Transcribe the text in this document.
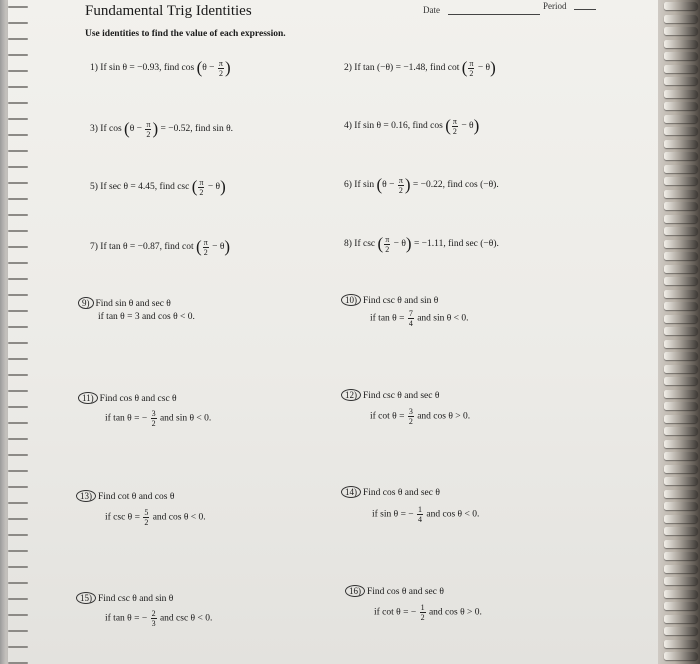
Fundamental Trig Identities	Date	Period
Use identities to find the value of each expression.
1) If sin θ = −0.93, find $\cos (\theta - \frac{\pi}{2}$ )	2) If tan (−θ) = −1.48, find cot ( $\frac{\pi}{2} - \theta$)
3) If $\cos (\theta - \frac{\pi}{2}$ ) = −0.52, find sin θ.	4) If sin θ = 0.16, find cos ( $\frac{\pi}{2} - \theta$)
5) If sec θ = 4.45, find csc ( $\frac{\pi}{2} - \theta$)	6) If $\sin (\theta - \frac{\pi}{2}$ ) = −0.22, find cos (−θ).
7) If tan θ = −0.87, find cot ( $\frac{\pi}{2} - \theta$)	8) If csc ( $\frac{\pi}{2} - \theta) = -1.11$, find sec (−θ).
9) Find sin θ and sec θ
if tan θ = 3 and cos θ < 0.
10) Find csc θ and sin θ
if $\tan \theta = \frac{7}{4}$ and sin θ < 0.
11) Find cos θ and csc θ
if tan θ = − $\frac{3}{2}$ and sin θ < 0.
12) Find csc θ and sec θ
if $\cot \theta = \frac{3}{2}$ and cos θ > 0.
13) Find cot θ and cos θ
if $\csc \theta = \frac{5}{2}$ and cos θ < 0.
14) Find cos θ and sec θ
if sin θ = − $\frac{1}{4}$ and cos θ < 0.
15) Find csc θ and sin θ
if tan θ = − $\frac{2}{3}$ and csc θ < 0.
16) Find cos θ and sec θ
if cot θ = − $\frac{1}{2}$ and cos θ > 0.
